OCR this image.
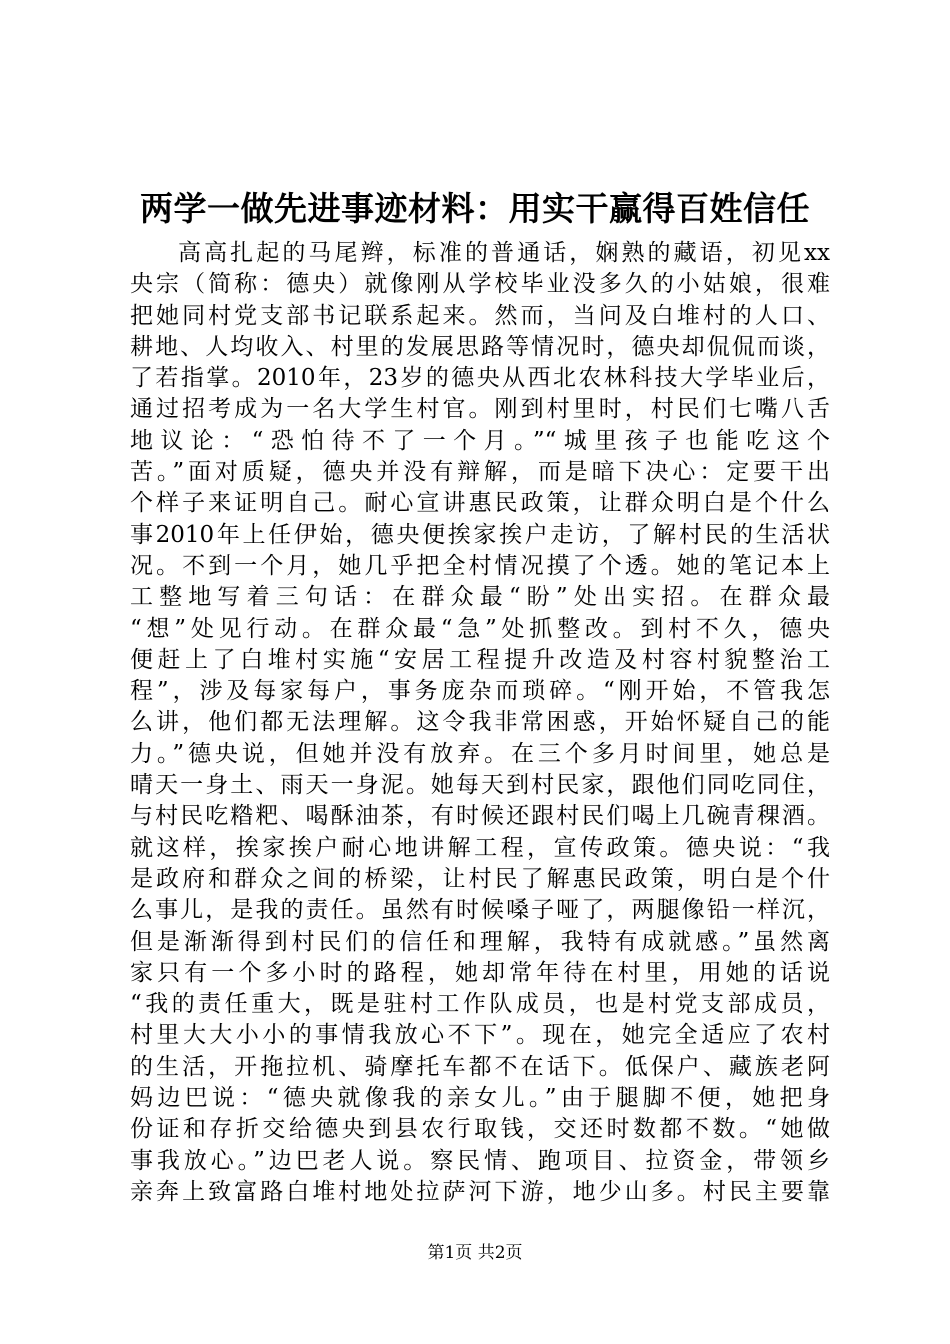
两学一做先进事迹材料：用实干赢得百姓信任
高高扎起的马尾辫，标准的普通话，娴熟的藏语，初见xx
央宗（简称：德央）就像刚从学校毕业没多久的小姑娘，很难
把她同村党支部书记联系起来。然而，当问及白堆村的人口、
耕地、人均收入、村里的发展思路等情况时，德央却侃侃而谈，
了若指掌。2010年，23岁的德央从西北农林科技大学毕业后，
通过招考成为一名大学生村官。刚到村里时，村民们七嘴八舌
地议论：“恐怕待不了一个月。”“城里孩子也能吃这个
苦。”面对质疑，德央并没有辩解，而是暗下决心：定要干出
个样子来证明自己。耐心宣讲惠民政策，让群众明白是个什么
事2010年上任伊始，德央便挨家挨户走访，了解村民的生活状
况。不到一个月，她几乎把全村情况摸了个透。她的笔记本上
工整地写着三句话：在群众最“盼”处出实招。在群众最
“想”处见行动。在群众最“急”处抓整改。到村不久，德央
便赶上了白堆村实施“安居工程提升改造及村容村貌整治工
程”，涉及每家每户，事务庞杂而琐碎。“刚开始，不管我怎
么讲，他们都无法理解。这令我非常困惑，开始怀疑自己的能
力。”德央说，但她并没有放弃。在三个多月时间里，她总是
晴天一身土、雨天一身泥。她每天到村民家，跟他们同吃同住，
与村民吃糌粑、喝酥油茶，有时候还跟村民们喝上几碗青稞酒。
就这样，挨家挨户耐心地讲解工程，宣传政策。德央说：“我
是政府和群众之间的桥梁，让村民了解惠民政策，明白是个什
么事儿，是我的责任。虽然有时候嗓子哑了，两腿像铅一样沉，
但是渐渐得到村民们的信任和理解，我特有成就感。”虽然离
家只有一个多小时的路程，她却常年待在村里，用她的话说
“我的责任重大，既是驻村工作队成员，也是村党支部成员，
村里大大小小的事情我放心不下”。现在，她完全适应了农村
的生活，开拖拉机、骑摩托车都不在话下。低保户、藏族老阿
妈边巴说：“德央就像我的亲女儿。”由于腿脚不便，她把身
份证和存折交给德央到县农行取钱，交还时数都不数。“她做
事我放心。”边巴老人说。察民情、跑项目、拉资金，带领乡
亲奔上致富路白堆村地处拉萨河下游，地少山多。村民主要靠
第1页 共2页
